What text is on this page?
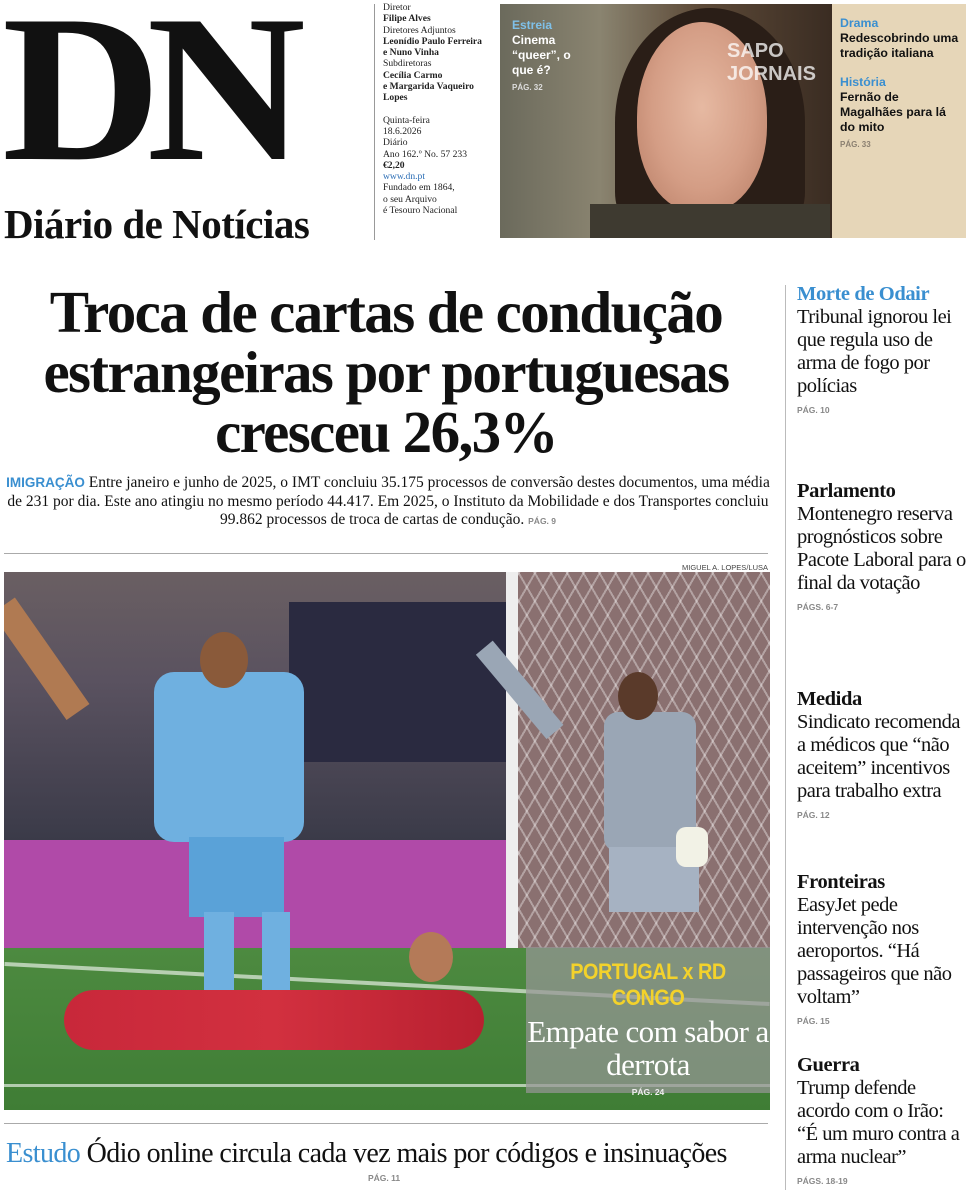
DN
Diário de Notícias
Diretor
Filipe Alves
Diretores Adjuntos
Leonídio Paulo Ferreira
e Nuno Vinha
Subdiretoras
Cecília Carmo
e Margarida Vaqueiro
Lopes
Quinta-feira
18.6.2026
Diário
Ano 162.º No. 57 233
€2,20
www.dn.pt
Fundado em 1864,
o seu Arquivo
é Tesouro Nacional
Estreia
Cinema “queer”, o que é?
PÁG. 32
SAPO JORNAIS
Drama
Redescobrindo uma tradição italiana
História
Fernão de Magalhães para lá do mito
PÁG. 33
Troca de cartas de condução estrangeiras por portuguesas cresceu 26,3%
IMIGRAÇÃO Entre janeiro e junho de 2025, o IMT concluiu 35.175 processos de conversão destes documentos, uma média de 231 por dia. Este ano atingiu no mesmo período 44.417. Em 2025, o Instituto da Mobilidade e dos Transportes concluiu 99.862 processos de troca de cartas de condução. PÁG. 9
MIGUEL A. LOPES/LUSA
PORTUGAL x RD CONGO
Empate com sabor a derrota
PÁG. 24
Estudo Ódio online circula cada vez mais por códigos e insinuações
PÁG. 11
Morte de Odair
Tribunal ignorou lei que regula uso de arma de fogo por polícias
PÁG. 10
Parlamento
Montenegro reserva prognósticos sobre Pacote Laboral para o final da votação
PÁGS. 6-7
Medida
Sindicato recomenda a médicos que “não aceitem” incentivos para trabalho extra
PÁG. 12
Fronteiras
EasyJet pede intervenção nos aeroportos. “Há passageiros que não voltam”
PÁG. 15
Guerra
Trump defende acordo com o Irão: “É um muro contra a arma nuclear”
PÁGS. 18-19
